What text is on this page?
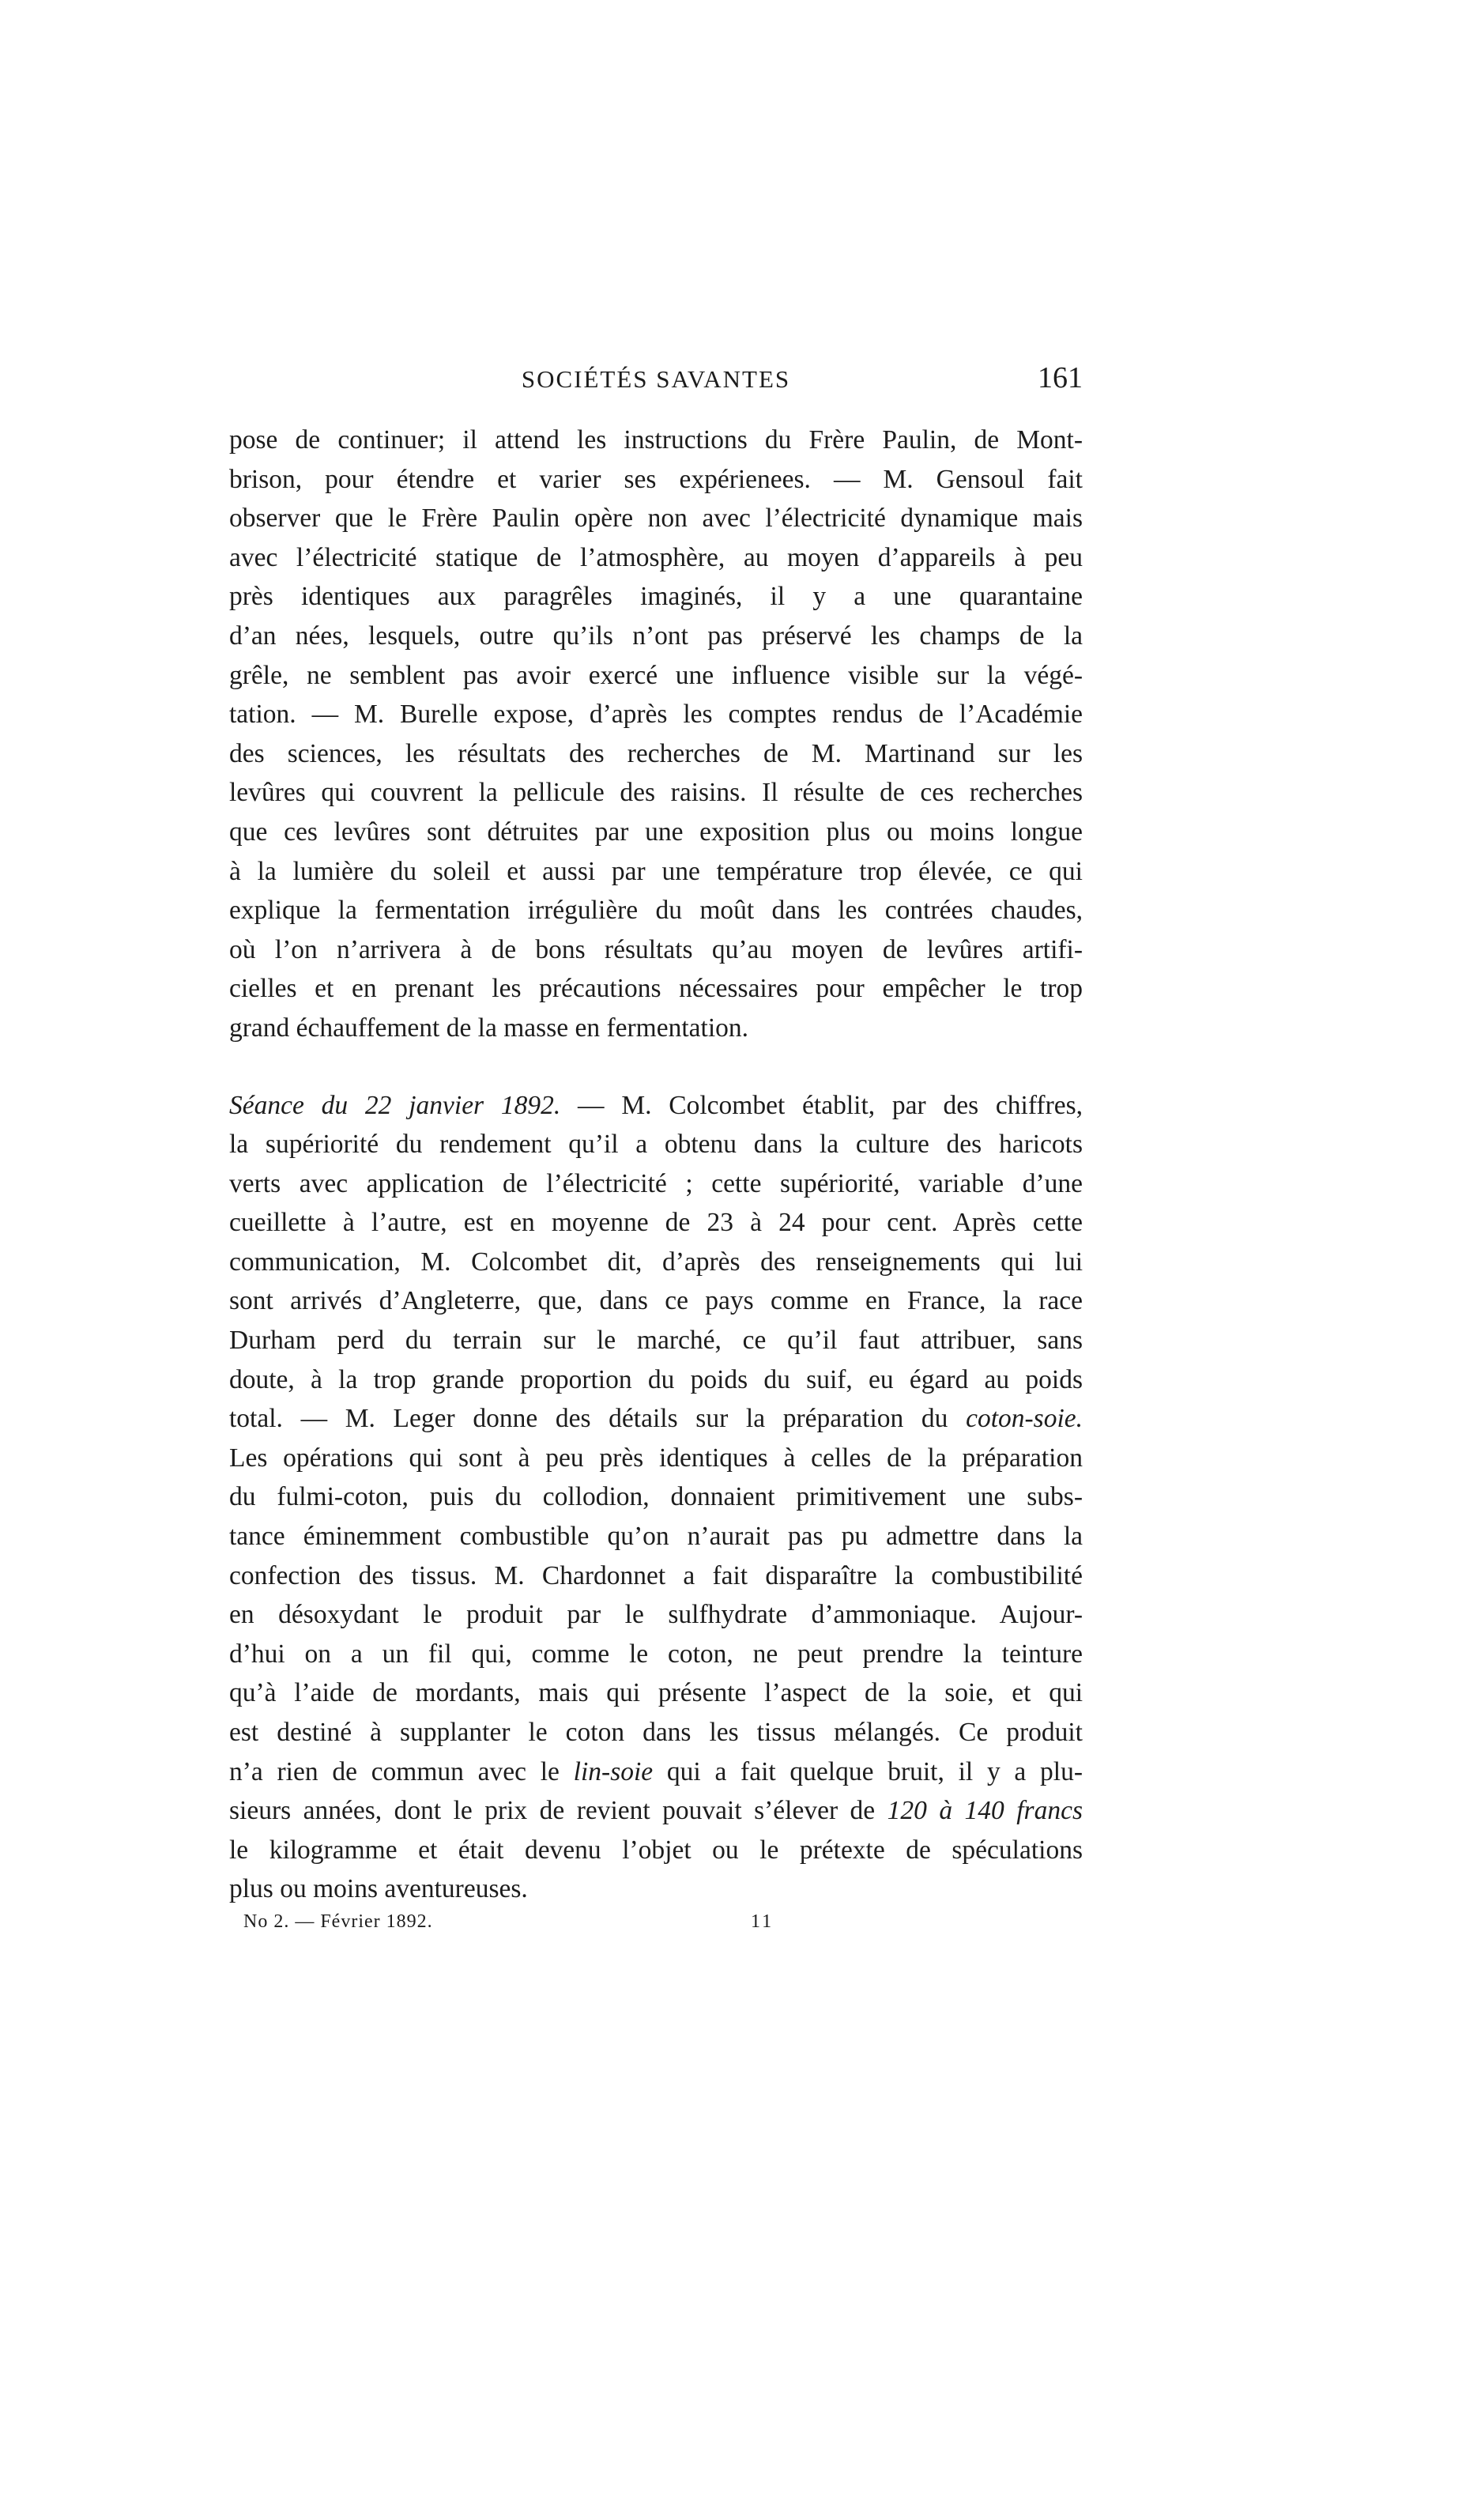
SOCIÉTÉS SAVANTES	161
pose de continuer; il attend les instructions du Frère Paulin, de Mont-
brison, pour étendre et varier ses expérienees. — M. Gensoul fait
observer que le Frère Paulin opère non avec l’électricité dynamique mais
avec l’électricité statique de l’atmosphère, au moyen d’appareils à peu
près identiques aux paragrêles imaginés, il y a une quarantaine
d’an nées, lesquels, outre qu’ils n’ont pas préservé les champs de la
grêle, ne semblent pas avoir exercé une influence visible sur la végé-
tation. — M. Burelle expose, d’après les comptes rendus de l’Académie
des sciences, les résultats des recherches de M. Martinand sur les
levûres qui couvrent la pellicule des raisins. Il résulte de ces recherches
que ces levûres sont détruites par une exposition plus ou moins longue
à la lumière du soleil et aussi par une température trop élevée, ce qui
explique la fermentation irrégulière du moût dans les contrées chaudes,
où l’on n’arrivera à de bons résultats qu’au moyen de levûres artifi-
cielles et en prenant les précautions nécessaires pour empêcher le trop
grand échauffement de la masse en fermentation.
Séance du 22 janvier 1892. — M. Colcombet établit, par des chiffres,
la supériorité du rendement qu’il a obtenu dans la culture des haricots
verts avec application de l’électricité ; cette supériorité, variable d’une
cueillette à l’autre, est en moyenne de 23 à 24 pour cent. Après cette
communication, M. Colcombet dit, d’après des renseignements qui lui
sont arrivés d’Angleterre, que, dans ce pays comme en France, la race
Durham perd du terrain sur le marché, ce qu’il faut attribuer, sans
doute, à la trop grande proportion du poids du suif, eu égard au poids
total. — M. Leger donne des détails sur la préparation du coton-soie.
Les opérations qui sont à peu près identiques à celles de la préparation
du fulmi-coton, puis du collodion, donnaient primitivement une subs-
tance éminemment combustible qu’on n’aurait pas pu admettre dans la
confection des tissus. M. Chardonnet a fait disparaître la combustibilité
en désoxydant le produit par le sulfhydrate d’ammoniaque. Aujour-
d’hui on a un fil qui, comme le coton, ne peut prendre la teinture
qu’à l’aide de mordants, mais qui présente l’aspect de la soie, et qui
est destiné à supplanter le coton dans les tissus mélangés. Ce produit
n’a rien de commun avec le lin-soie qui a fait quelque bruit, il y a plu-
sieurs années, dont le prix de revient pouvait s’élever de 120 à 140 francs
le kilogramme et était devenu l’objet ou le prétexte de spéculations
plus ou moins aventureuses.
No 2. — Février 1892.	11
